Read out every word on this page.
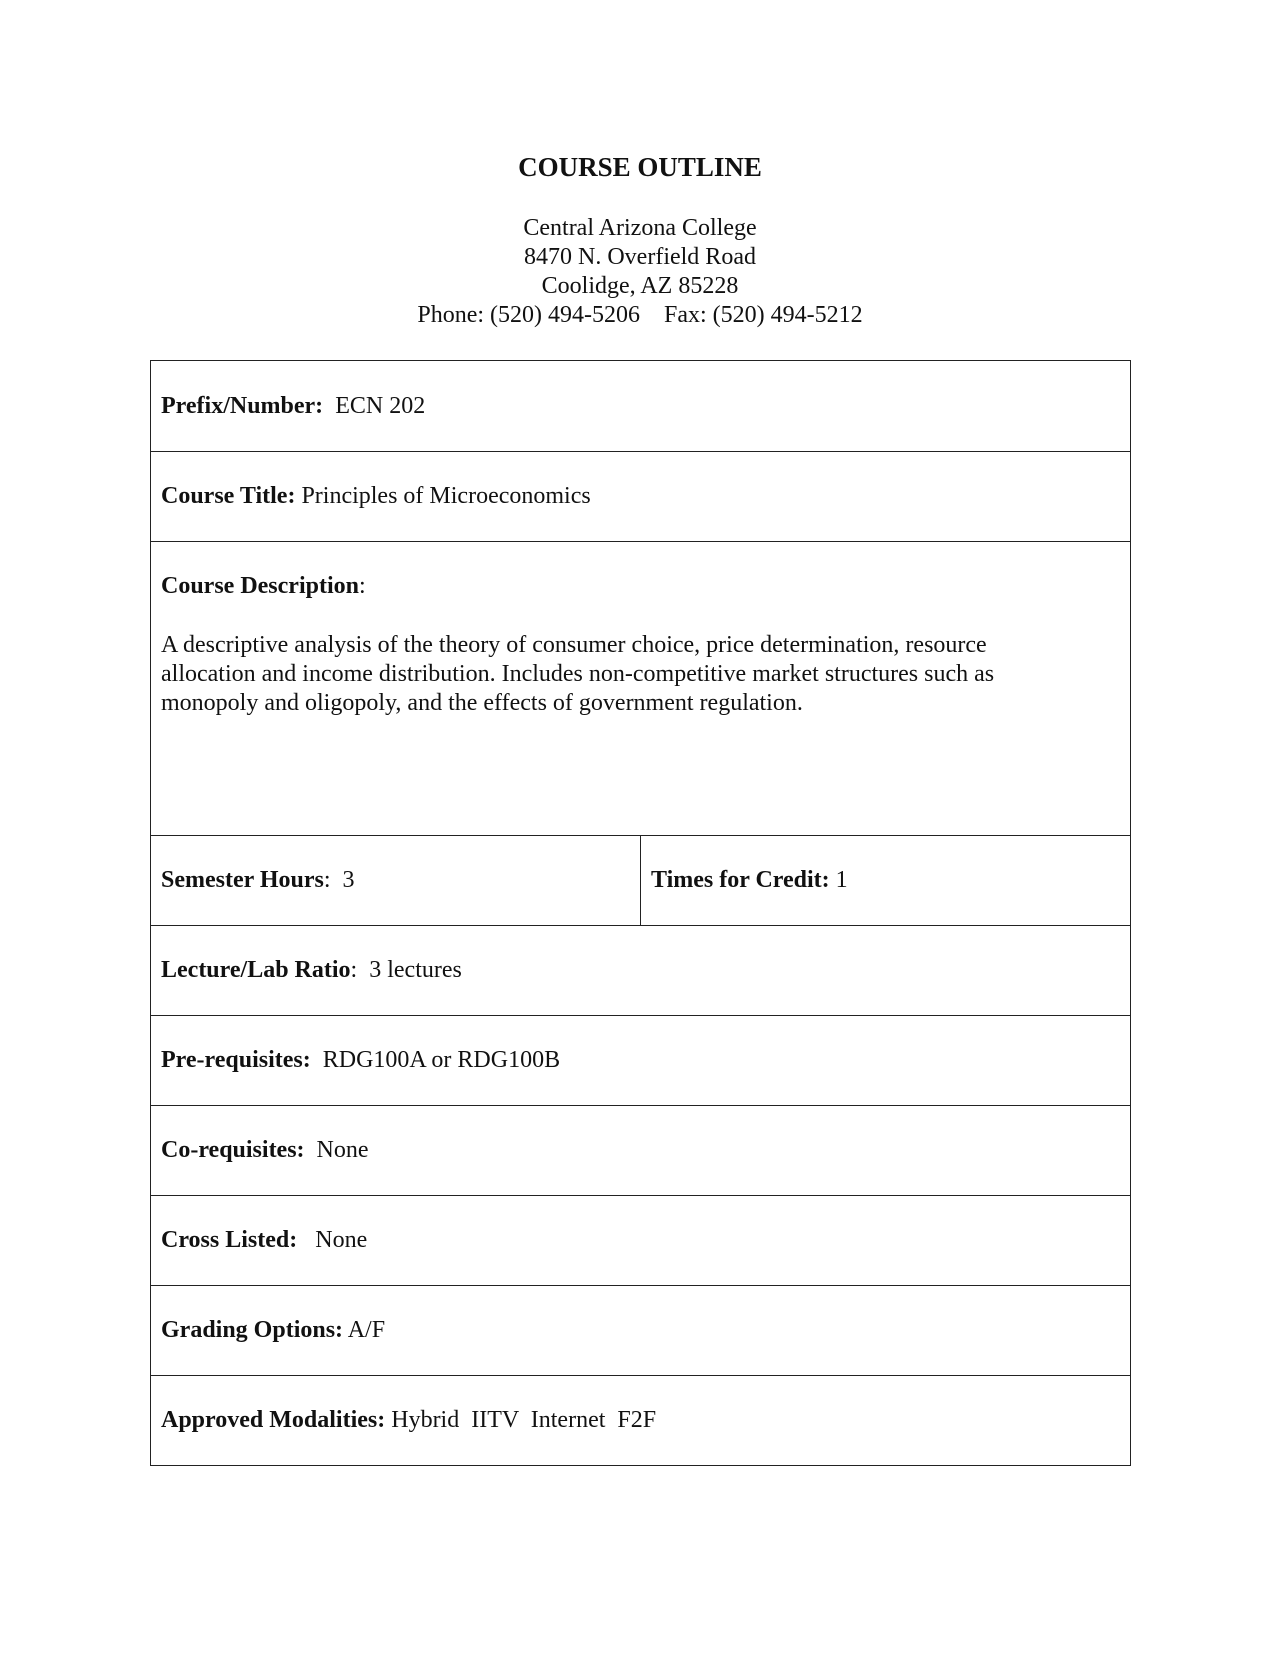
COURSE OUTLINE
Central Arizona College
8470 N. Overfield Road
Coolidge, AZ 85228
Phone: (520) 494-5206    Fax: (520) 494-5212
Prefix/Number: ECN 202
Course Title: Principles of Microeconomics
Course Description:
A descriptive analysis of the theory of consumer choice, price determination, resource allocation and income distribution. Includes non-competitive market structures such as monopoly and oligopoly, and the effects of government regulation.
Semester Hours :  3	Times for Credit: 1
Lecture/Lab Ratio :  3 lectures
Pre-requisites: RDG100A or RDG100B
Co-requisites: None
Cross Listed: None
Grading Options: A/F
Approved Modalities: Hybrid  IITV  Internet  F2F
